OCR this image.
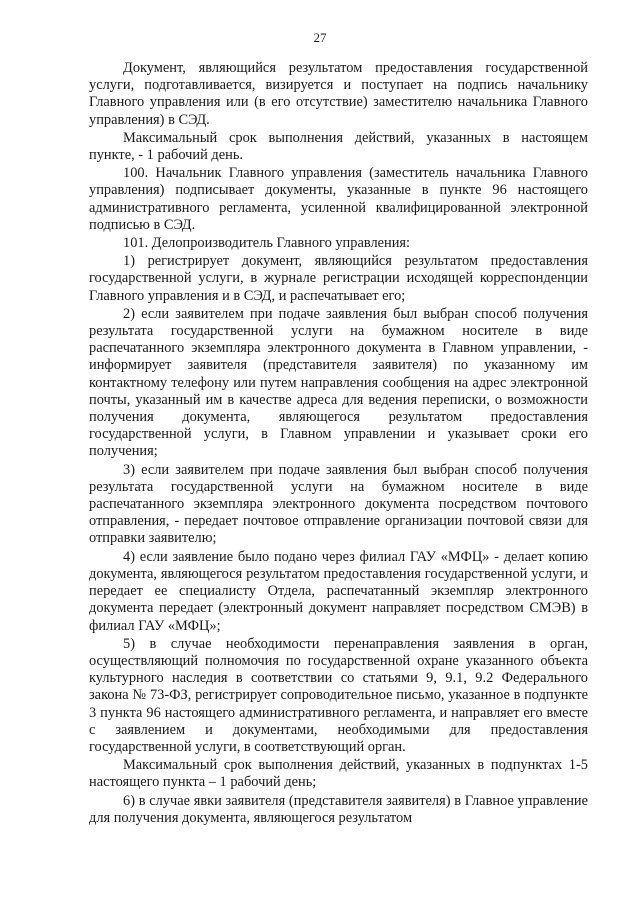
27

Документ, являющийся результатом предоставления государственной услуги, подготавливается, визируется и поступает на подпись начальнику Главного управления или (в его отсутствие) заместителю начальника Главного управления) в СЭД.

Максимальный срок выполнения действий, указанных в настоящем пункте, - 1 рабочий день.

100. Начальник Главного управления (заместитель начальника Главного управления) подписывает документы, указанные в пункте 96 настоящего административного регламента, усиленной квалифицированной электронной подписью в СЭД.

101. Делопроизводитель Главного управления:

1) регистрирует документ, являющийся результатом предоставления государственной услуги, в журнале регистрации исходящей корреспонденции Главного управления и в СЭД, и распечатывает его;

2) если заявителем при подаче заявления был выбран способ получения результата государственной услуги на бумажном носителе в виде распечатанного экземпляра электронного документа в Главном управлении, - информирует заявителя (представителя заявителя) по указанному им контактному телефону или путем направления сообщения на адрес электронной почты, указанный им в качестве адреса для ведения переписки, о возможности получения документа, являющегося результатом предоставления государственной услуги, в Главном управлении и указывает сроки его получения;

3) если заявителем при подаче заявления был выбран способ получения результата государственной услуги на бумажном носителе в виде распечатанного экземпляра электронного документа посредством почтового отправления, - передает почтовое отправление организации почтовой связи для отправки заявителю;

4) если заявление было подано через филиал ГАУ «МФЦ» - делает копию документа, являющегося результатом предоставления государственной услуги, и передает ее специалисту Отдела, распечатанный экземпляр электронного документа передает (электронный документ направляет посредством СМЭВ) в филиал ГАУ «МФЦ»;

5) в случае необходимости перенаправления заявления в орган, осуществляющий полномочия по государственной охране указанного объекта культурного наследия в соответствии со статьями 9, 9.1, 9.2 Федерального закона № 73-ФЗ, регистрирует сопроводительное письмо, указанное в подпункте 3 пункта 96 настоящего административного регламента, и направляет его вместе с заявлением и документами, необходимыми для предоставления государственной услуги, в соответствующий орган.

Максимальный срок выполнения действий, указанных в подпунктах 1-5 настоящего пункта – 1 рабочий день;

6) в случае явки заявителя (представителя заявителя) в Главное управление для получения документа, являющегося результатом
